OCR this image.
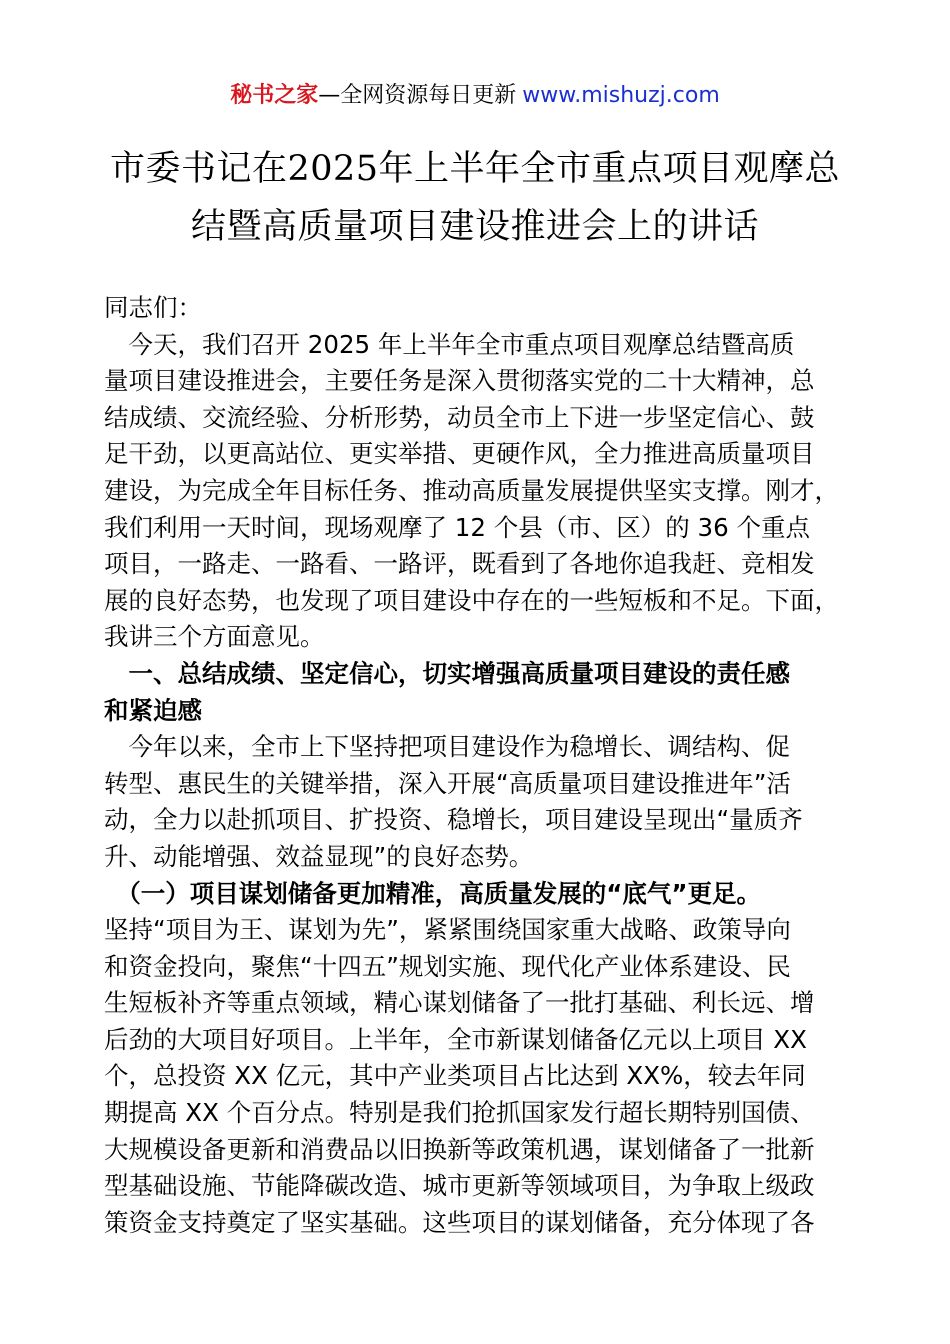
秘书之家—全网资源每日更新 www.mishuzj.com
市委书记在2025年上半年全市重点项目观摩总
结暨高质量项目建设推进会上的讲话
同志们：
　今天，我们召开 2025 年上半年全市重点项目观摩总结暨高质
量项目建设推进会，主要任务是深入贯彻落实党的二十大精神，总
结成绩、交流经验、分析形势，动员全市上下进一步坚定信心、鼓
足干劲，以更高站位、更实举措、更硬作风，全力推进高质量项目
建设，为完成全年目标任务、推动高质量发展提供坚实支撑。刚才，
我们利用一天时间，现场观摩了 12 个县（市、区）的 36 个重点
项目，一路走、一路看、一路评，既看到了各地你追我赶、竞相发
展的良好态势，也发现了项目建设中存在的一些短板和不足。下面，
我讲三个方面意见。
　一、总结成绩、坚定信心，切实增强高质量项目建设的责任感
和紧迫感
　今年以来，全市上下坚持把项目建设作为稳增长、调结构、促
转型、惠民生的关键举措，深入开展“高质量项目建设推进年”活
动，全力以赴抓项目、扩投资、稳增长，项目建设呈现出“量质齐
升、动能增强、效益显现”的良好态势。
　（一）项目谋划储备更加精准，高质量发展的“底气”更足。
坚持“项目为王、谋划为先”，紧紧围绕国家重大战略、政策导向
和资金投向，聚焦“十四五”规划实施、现代化产业体系建设、民
生短板补齐等重点领域，精心谋划储备了一批打基础、利长远、增
后劲的大项目好项目。上半年，全市新谋划储备亿元以上项目 XX
个，总投资 XX 亿元，其中产业类项目占比达到 XX%，较去年同
期提高 XX 个百分点。特别是我们抢抓国家发行超长期特别国债、
大规模设备更新和消费品以旧换新等政策机遇，谋划储备了一批新
型基础设施、节能降碳改造、城市更新等领域项目，为争取上级政
策资金支持奠定了坚实基础。这些项目的谋划储备，充分体现了各
